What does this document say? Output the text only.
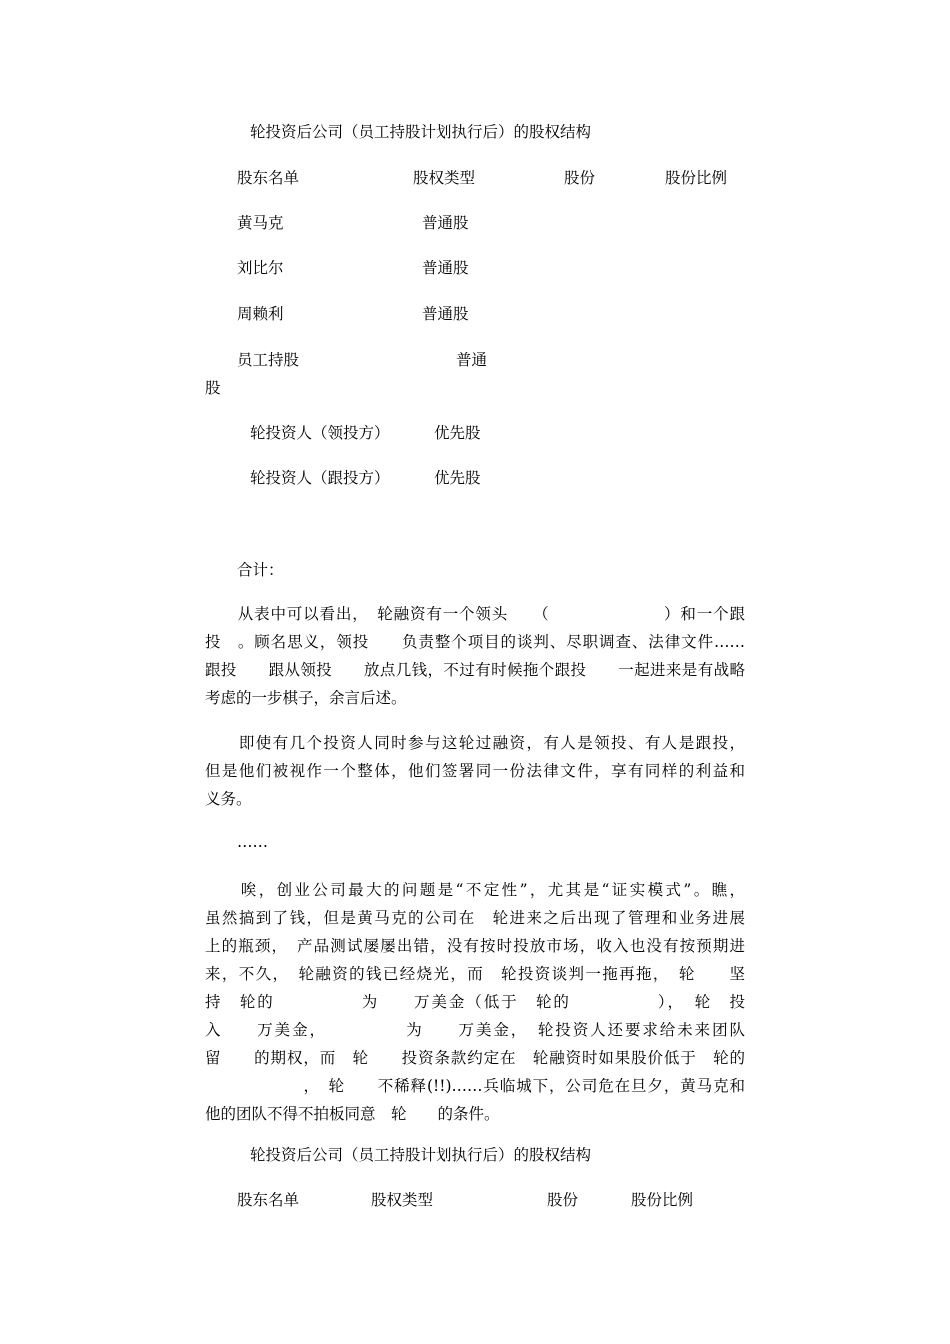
轮投资后公司（员工持股计划执行后）的股权结构
股东名单	股权类型	股份	股份比例
黄马克	普通股
刘比尔	普通股
周赖利	普通股
员工持股	普通
股
轮投资人（领投方）	优先股
轮投资人（跟投方）	优先股
合计：
　　从表中可以看出，　轮融资有一个领头　　（　　　　　　　）和一个跟
投　。顾名思义，领投　　负责整个项目的谈判、尽职调查、法律文件……
跟投　　跟从领投　　放点几钱，不过有时候拖个跟投　　一起进来是有战略
考虑的一步棋子，余言后述。
　　即使有几个投资人同时参与这轮过融资，有人是领投、有人是跟投，
但是他们被视作一个整体，他们签署同一份法律文件，享有同样的利益和
义务。
……
　　唉，创业公司最大的问题是“不定性”，尤其是“证实模式”。瞧，
虽然搞到了钱，但是黄马克的公司在　轮进来之后出现了管理和业务进展
上的瓶颈，　产品测试屡屡出错，没有按时投放市场，收入也没有按预期进
来，不久，　轮融资的钱已经烧光，而　轮投资谈判一拖再拖，　轮　　坚
持　轮的　　　　　为　　万美金（低于　轮的　　　　　），　轮　投
入　　万美金，　　　　　为　　万美金，　轮投资人还要求给未来团队
留　　的期权，而　轮　　投资条款约定在　轮融资时如果股价低于　轮的
　　　　　　，　轮　　不稀释(!!)……兵临城下，公司危在旦夕，黄马克和
他的团队不得不拍板同意　轮　　的条件。
轮投资后公司（员工持股计划执行后）的股权结构
股东名单	股权类型	股份	股份比例
